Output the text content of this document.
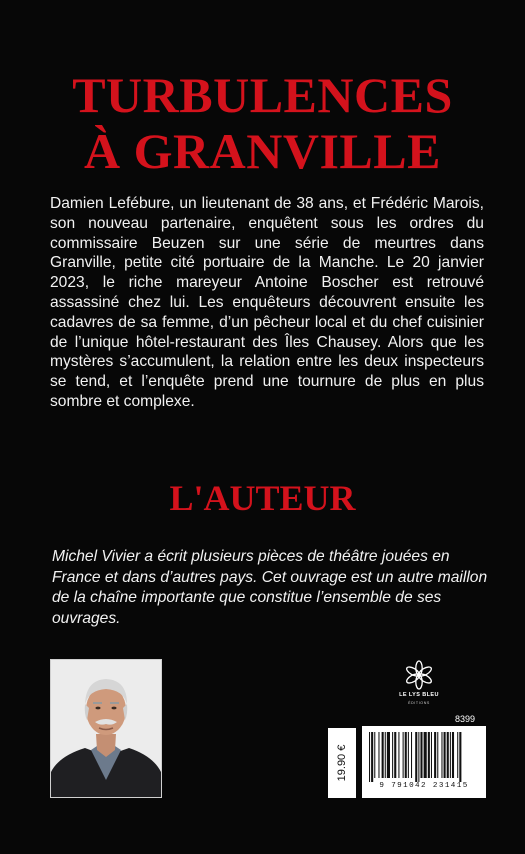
TURBULENCES
À GRANVILLE

Damien Lefébure, un lieutenant de 38 ans, et Frédéric Marois, son nouveau partenaire, enquêtent sous les ordres du commissaire Beuzen sur une série de meurtres dans Granville, petite cité portuaire de la Manche. Le 20 janvier 2023, le riche mareyeur Antoine Boscher est retrouvé assassiné chez lui. Les enquêteurs découvrent ensuite les cadavres de sa femme, d’un pêcheur local et du chef cuisinier de l’unique hôtel-restaurant des Îles Chausey. Alors que les mystères s’accumulent, la relation entre les deux inspecteurs se tend, et l’enquête prend une tournure de plus en plus sombre et complexe.

L'AUTEUR

Michel Vivier a écrit plusieurs pièces de théâtre jouées en France et dans d’autres pays. Cet ouvrage est un autre maillon de la chaîne importante que constitue l’ensemble de ses ouvrages.

LE LYS BLEU
ÉDITIONS
8399
19.90 €
9 791042 231415
